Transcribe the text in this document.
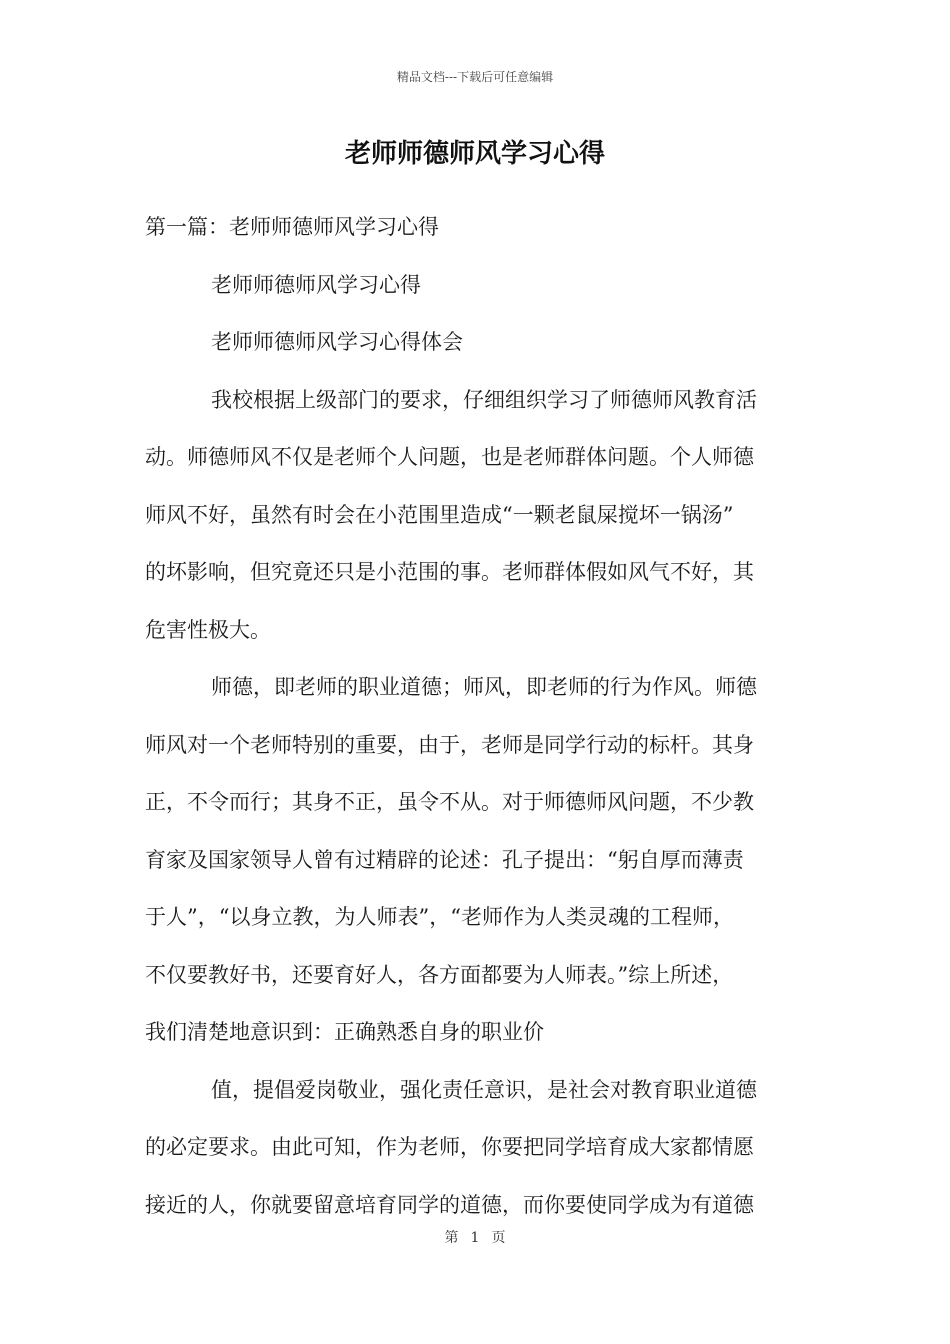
精品文档---下载后可任意编辑
老师师德师风学习心得
第一篇：老师师德师风学习心得
老师师德师风学习心得
老师师德师风学习心得体会
我校根据上级部门的要求，仔细组织学习了师德师风教育活
动。师德师风不仅是老师个人问题，也是老师群体问题。个人师德
师风不好，虽然有时会在小范围里造成“一颗老鼠屎搅坏一锅汤”
的坏影响，但究竟还只是小范围的事。老师群体假如风气不好，其
危害性极大。
师德，即老师的职业道德；师风，即老师的行为作风。师德
师风对一个老师特别的重要，由于，老师是同学行动的标杆。其身
正，不令而行；其身不正，虽令不从。对于师德师风问题，不少教
育家及国家领导人曾有过精辟的论述：孔子提出：“躬自厚而薄责
于人”，“以身立教，为人师表”，“老师作为人类灵魂的工程师，
不仅要教好书，还要育好人，各方面都要为人师表。”综上所述，
我们清楚地意识到：正确熟悉自身的职业价
值，提倡爱岗敬业，强化责任意识，是社会对教育职业道德
的必定要求。由此可知，作为老师，你要把同学培育成大家都情愿
接近的人，你就要留意培育同学的道德，而你要使同学成为有道德
第 1 页
